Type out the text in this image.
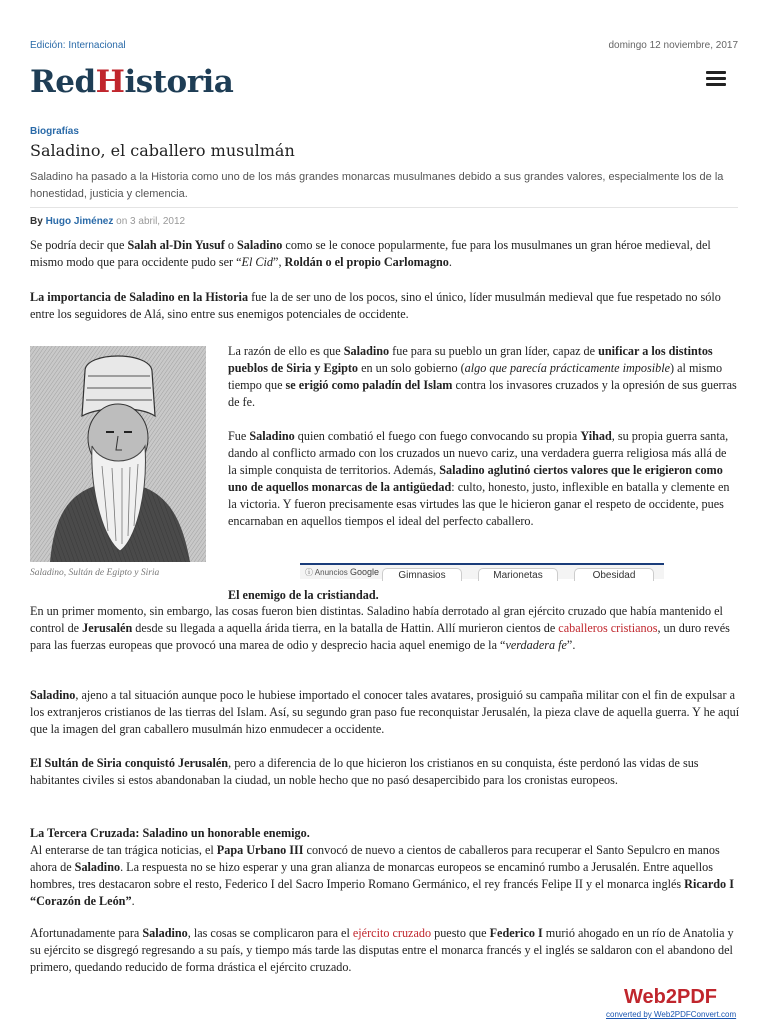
Edición: Internacional	domingo 12 noviembre, 2017
RedHistoria
Biografías
Saladino, el caballero musulmán

Saladino ha pasado a la Historia como uno de los más grandes monarcas musulmanes debido a sus grandes valores, especialmente los de la honestidad, justicia y clemencia.

By Hugo Jiménez on 3 abril, 2012

Se podría decir que Salah al-Din Yusuf o Saladino como se le conoce popularmente, fue para los musulmanes un gran héroe medieval, del mismo modo que para occidente pudo ser “El Cid”, Roldán o el propio Carlomagno.

La importancia de Saladino en la Historia fue la de ser uno de los pocos, sino el único, líder musulmán medieval que fue respetado no sólo entre los seguidores de Alá, sino entre sus enemigos potenciales de occidente.

Saladino, Sultán de Egipto y Siria

La razón de ello es que Saladino fue para su pueblo un gran líder, capaz de unificar a los distintos pueblos de Siria y Egipto en un solo gobierno (algo que parecía prácticamente imposible) al mismo tiempo que se erigió como paladín del Islam contra los invasores cruzados y la opresión de sus guerras de fe.

Fue Saladino quien combatió el fuego con fuego convocando su propia Yihad, su propia guerra santa, dando al conflicto armado con los cruzados un nuevo cariz, una verdadera guerra religiosa más allá de la simple conquista de territorios. Además, Saladino aglutinó ciertos valores que le erigieron como uno de aquellos monarcas de la antigüedad: culto, honesto, justo, inflexible en batalla y clemente en la victoria. Y fueron precisamente esas virtudes las que le hicieron ganar el respeto de occidente, pues encarnaban en aquellos tiempos el ideal del perfecto caballero.

ⓘ Anuncios Google	Gimnasios	Marionetas	Obesidad

El enemigo de la cristiandad.

En un primer momento, sin embargo, las cosas fueron bien distintas. Saladino había derrotado al gran ejército cruzado que había mantenido el control de Jerusalén desde su llegada a aquella árida tierra, en la batalla de Hattin. Allí murieron cientos de caballeros cristianos, un duro revés para las fuerzas europeas que provocó una marea de odio y desprecio hacia aquel enemigo de la “verdadera fe”.

Saladino, ajeno a tal situación aunque poco le hubiese importado el conocer tales avatares, prosiguió su campaña militar con el fin de expulsar a los extranjeros cristianos de las tierras del Islam. Así, su segundo gran paso fue reconquistar Jerusalén, la pieza clave de aquella guerra. Y he aquí que la imagen del gran caballero musulmán hizo enmudecer a occidente.

El Sultán de Siria conquistó Jerusalén, pero a diferencia de lo que hicieron los cristianos en su conquista, éste perdonó las vidas de sus habitantes civiles si estos abandonaban la ciudad, un noble hecho que no pasó desapercibido para los cronistas europeos.

La Tercera Cruzada: Saladino un honorable enemigo.

Al enterarse de tan trágica noticias, el Papa Urbano III convocó de nuevo a cientos de caballeros para recuperar el Santo Sepulcro en manos ahora de Saladino. La respuesta no se hizo esperar y una gran alianza de monarcas europeos se encaminó rumbo a Jerusalén. Entre aquellos hombres, tres destacaron sobre el resto, Federico I del Sacro Imperio Romano Germánico, el rey francés Felipe II y el monarca inglés Ricardo I “Corazón de León”.

Afortunadamente para Saladino, las cosas se complicaron para el ejército cruzado puesto que Federico I murió ahogado en un río de Anatolia y su ejército se disgregó regresando a su país, y tiempo más tarde las disputas entre el monarca francés y el inglés se saldaron con el abandono del primero, quedando reducido de forma drástica el ejército cruzado.

Web2PDF
converted by Web2PDFConvert.com
